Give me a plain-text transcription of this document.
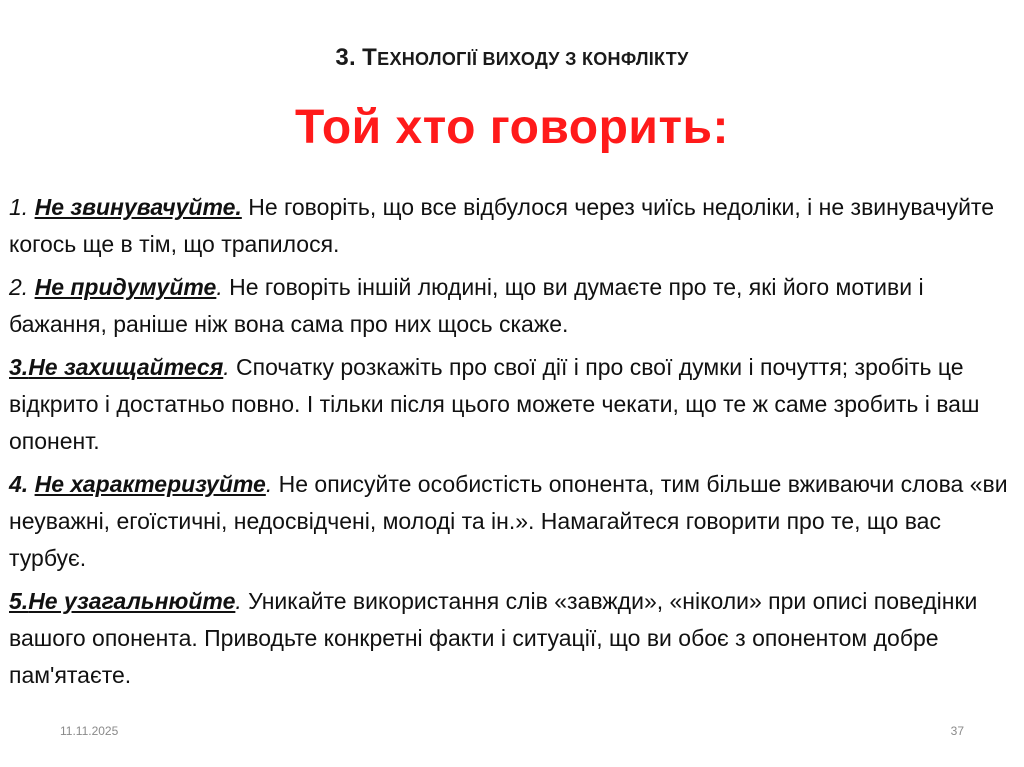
3. ТЕХНОЛОГІЇ ВИХОДУ З КОНФЛІКТУ
Той хто говорить:

1. Не звинувачуйте. Не говоріть, що все відбулося через чиїсь недоліки, і не звинувачуйте когось ще в тім, що трапилося.

2. Не придумуйте. Не говоріть іншій людині, що ви думаєте про те, які його мотиви і бажання, раніше ніж вона сама про них щось скаже.

3.Не захищайтеся. Спочатку розкажіть про свої дії і про свої думки і почуття; зробіть це відкрито і достатньо повно. І тільки після цього можете чекати, що те ж саме зробить і ваш опонент.

4. Не характеризуйте. Не описуйте особистість опонента, тим більше вживаючи слова «ви неуважні, егоїстичні, недосвідчені, молоді та ін.». Намагайтеся говорити про те, що вас турбує.

5.Не узагальнюйте. Уникайте використання слів «завжди», «ніколи» при описі поведінки вашого опонента. Приводьте конкретні факти і ситуації, що ви обоє з опонентом добре пам'ятаєте.

11.11.2025	37
